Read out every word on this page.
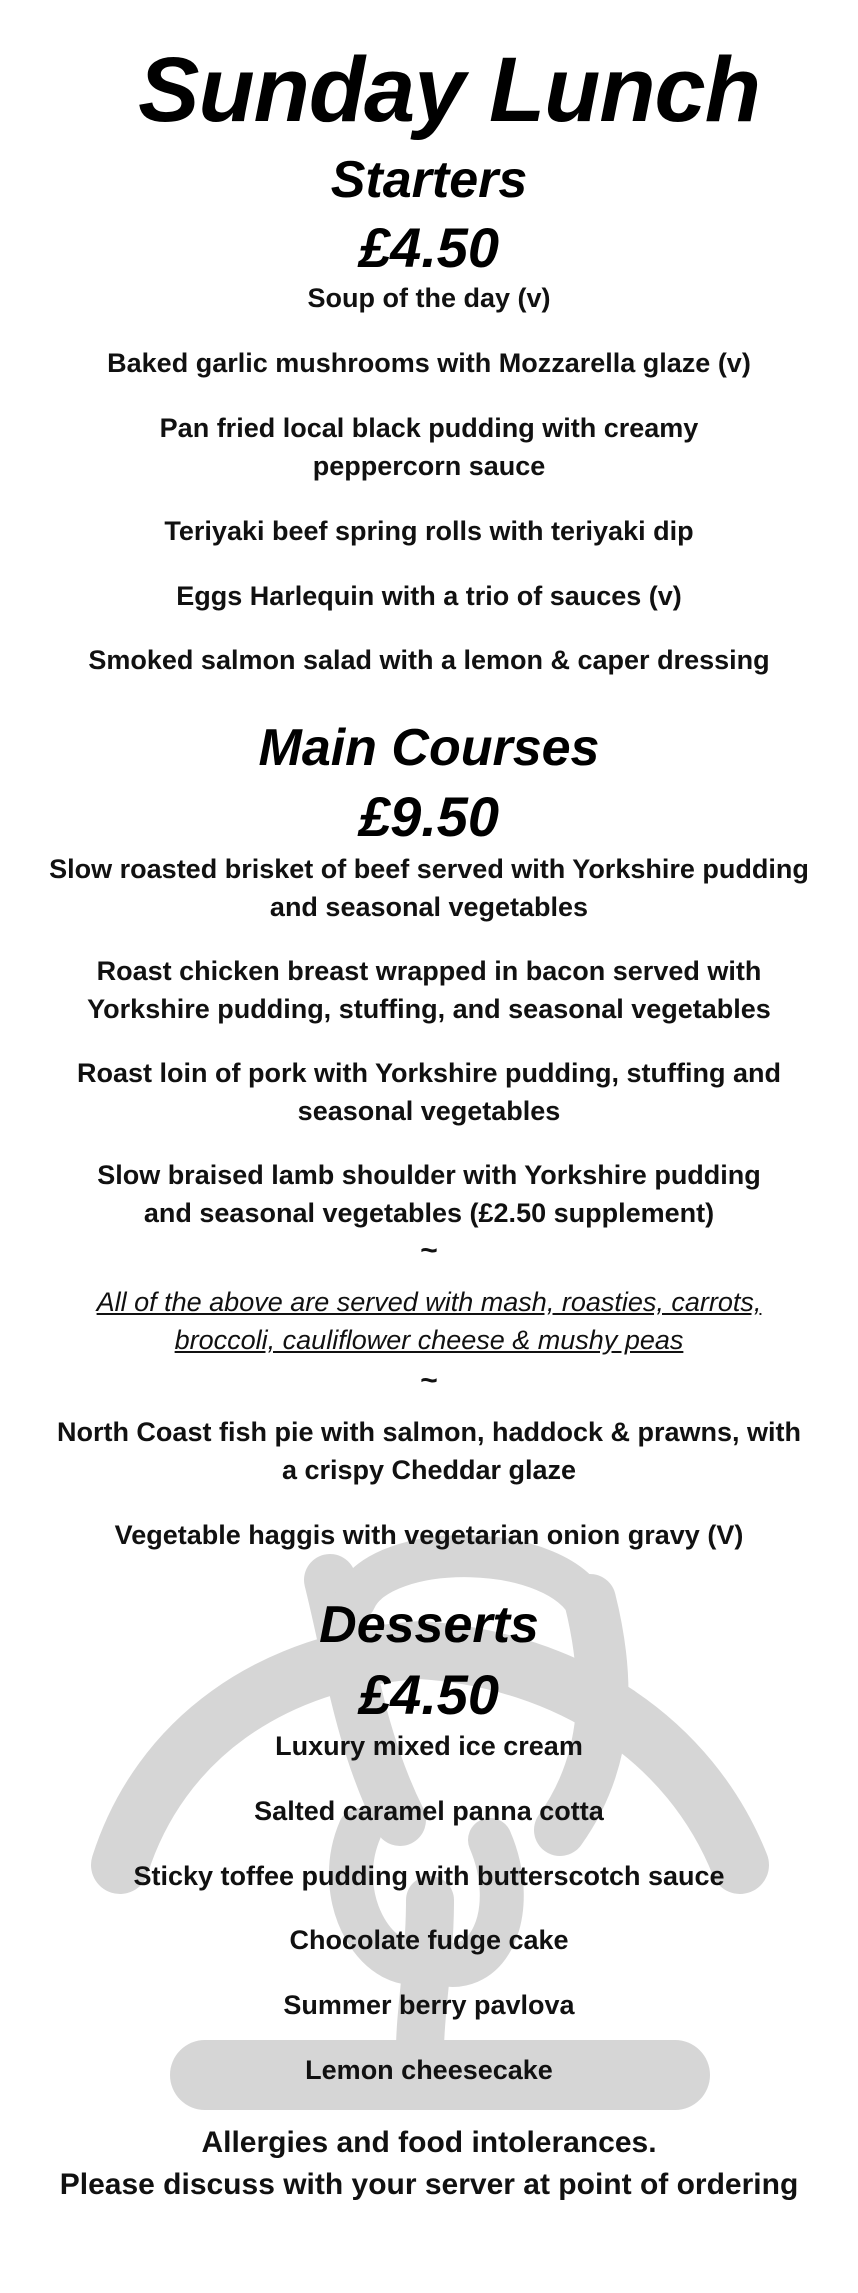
Sunday Lunch
Starters
£4.50

Soup of the day (v)

Baked garlic mushrooms with Mozzarella glaze (v)

Pan fried local black pudding with creamy peppercorn sauce

Teriyaki beef spring rolls with teriyaki dip

Eggs Harlequin with a trio of sauces (v)

Smoked salmon salad with a lemon & caper dressing

Main Courses
£9.50

Slow roasted brisket of beef served with Yorkshire pudding and seasonal vegetables

Roast chicken breast wrapped in bacon served with Yorkshire pudding, stuffing, and seasonal vegetables

Roast loin of pork with Yorkshire pudding, stuffing and seasonal vegetables

Slow braised lamb shoulder with Yorkshire pudding and seasonal vegetables (£2.50 supplement)

~

All of the above are served with mash, roasties, carrots, broccoli, cauliflower cheese & mushy peas

~

North Coast fish pie with salmon, haddock & prawns, with a crispy Cheddar glaze

Vegetable haggis with vegetarian onion gravy (V)

Desserts
£4.50

Luxury mixed ice cream

Salted caramel panna cotta

Sticky toffee pudding with butterscotch sauce

Chocolate fudge cake

Summer berry pavlova

Lemon cheesecake

Allergies and food intolerances.

Please discuss with your server at point of ordering
